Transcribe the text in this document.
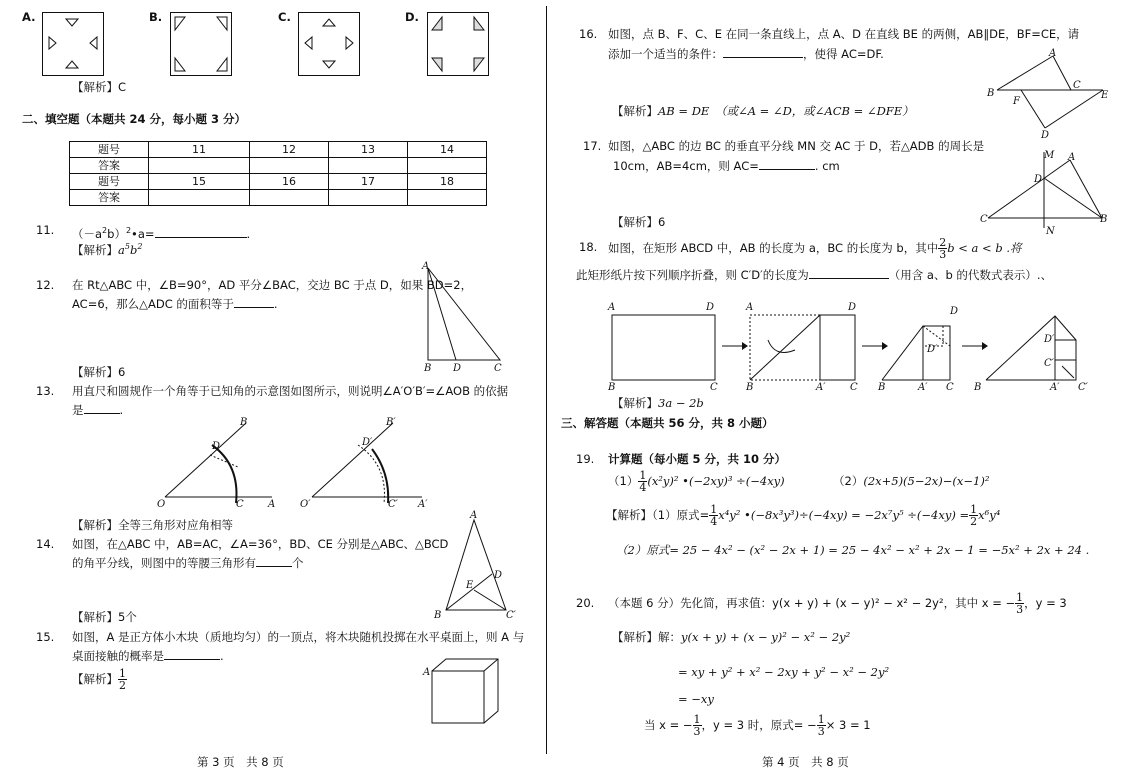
A.	B.	C.	D.
【解析】C
二、填空题（本题共 24 分，每小题 3 分）
题号	11	12	13	14
答案				
题号	15	16	17	18
答案				
11. $(-a^2b)^2•a=$	.
【解析】$a^5b^2$
12. 在 Rt△ABC 中，∠B=90°，AD 平分∠BAC，交边 BC 于点 D，如果 BD=2，
AC=6，那么△ADC 的面积等于	.
【解析】6
A
B D	C
13. 用直尺和圆规作一个角等于已知角的示意图如图所示，则说明∠A′O′B′=∠AOB 的依据
是	.
B
D
O	C A
B′
D′
O′	C′ A′
【解析】全等三角形对应角相等
14. 如图，在△ABC 中，AB=AC，∠A=36°，BD、CE 分别是△ABC、△BCD
的角平分线，则图中的等腰三角形有	个
【解析】5个
A
E
D
B	C′
15. 如图，A 是正方体小木块（质地均匀）的一顶点，将木块随机投掷在水平桌面上，则 A 与
桌面接触的概率是	.
【解析】 $\frac{1}{2}$	A
第 3 页　共 8 页
16. 如图，点 B、F、C、E 在同一条直线上，点 A、D 在直线 BE 的两侧，AB∥DE，BF=CE，请
添加一个适当的条件：	，使得 AC=DF.
【解析】AB = DE　（或∠A = ∠D，或∠ACB = ∠DFE）
A
B
F
C
E
D
17. 如图，△ABC 的边 BC 的垂直平分线 MN 交 AC 于 D，若△ADB 的周长是
10cm，AB=4cm，则 AC=	. cm
【解析】6
M A
D
C	B
N
18. 如图，在矩形 ABCD 中，AB 的长度为 a，BC 的长度为 b，其中 $\frac{2}{3}$ b < a < b .将
此矩形纸片按下列顺序折叠，则 C′D′的长度为	（用含 a、b 的代数式表示）.、
A	D
B	C
A	D
B	A′ C
D
D′
B	A′ C
D′
C′
B	A′ C′
【解析】3a − 2b
三、解答题（本题共 56 分，共 8 小题）
19. 计算题（每小题 5 分，共 10 分）
$(1) \frac{1}{4} (x^2y)^2$ •(−2xy)³ ÷(−4xy)	（2）(2x+5)(5−2x)−(x−1)²
【解析】（1）原式= $\frac{1}{4} x^4y^2$ •(−8x³y³)÷(−4xy) = $-2x^7y^5 \div(-4xy) = \frac{1}{2} x^6y^4$
（2）原式= 25 − 4x² − (x² − 2x + 1) = 25 − 4x² − x² + 2x − 1 = −5x² + 2x + 24 .
20. （本题 6 分）先化简，再求值：y(x + y) + (x − y)² − x² − 2y²，其中 x = − $\frac{1}{3}$ ，y = 3
【解析】解：y(x + y) + (x − y)² − x² − 2y²
= xy + y² + x² − 2xy + y² − x² − 2y²
= −xy
当 x = − $\frac{1}{3}$ ，y = 3 时，原式= − $\frac{1}{3} \times 3 = 1$
第 4 页　共 8 页
